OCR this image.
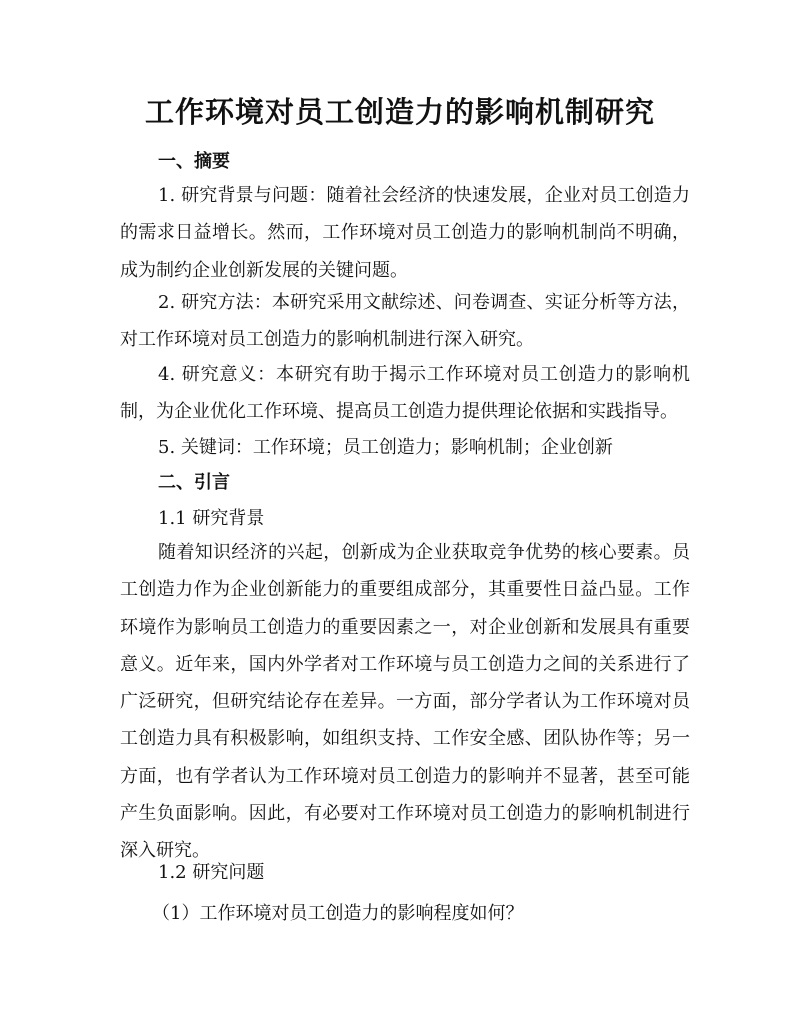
工作环境对员工创造力的影响机制研究
一、摘要
1. 研究背景与问题：随着社会经济的快速发展，企业对员工创造力的需求日益增长。然而，工作环境对员工创造力的影响机制尚不明确，成为制约企业创新发展的关键问题。
2. 研究方法：本研究采用文献综述、问卷调查、实证分析等方法，对工作环境对员工创造力的影响机制进行深入研究。
4. 研究意义：本研究有助于揭示工作环境对员工创造力的影响机制，为企业优化工作环境、提高员工创造力提供理论依据和实践指导。
5. 关键词：工作环境；员工创造力；影响机制；企业创新
二、引言
1.1 研究背景
随着知识经济的兴起，创新成为企业获取竞争优势的核心要素。员工创造力作为企业创新能力的重要组成部分，其重要性日益凸显。工作环境作为影响员工创造力的重要因素之一，对企业创新和发展具有重要意义。近年来，国内外学者对工作环境与员工创造力之间的关系进行了广泛研究，但研究结论存在差异。一方面，部分学者认为工作环境对员工创造力具有积极影响，如组织支持、工作安全感、团队协作等；另一方面，也有学者认为工作环境对员工创造力的影响并不显著，甚至可能产生负面影响。因此，有必要对工作环境对员工创造力的影响机制进行深入研究。
1.2 研究问题
（1）工作环境对员工创造力的影响程度如何？
